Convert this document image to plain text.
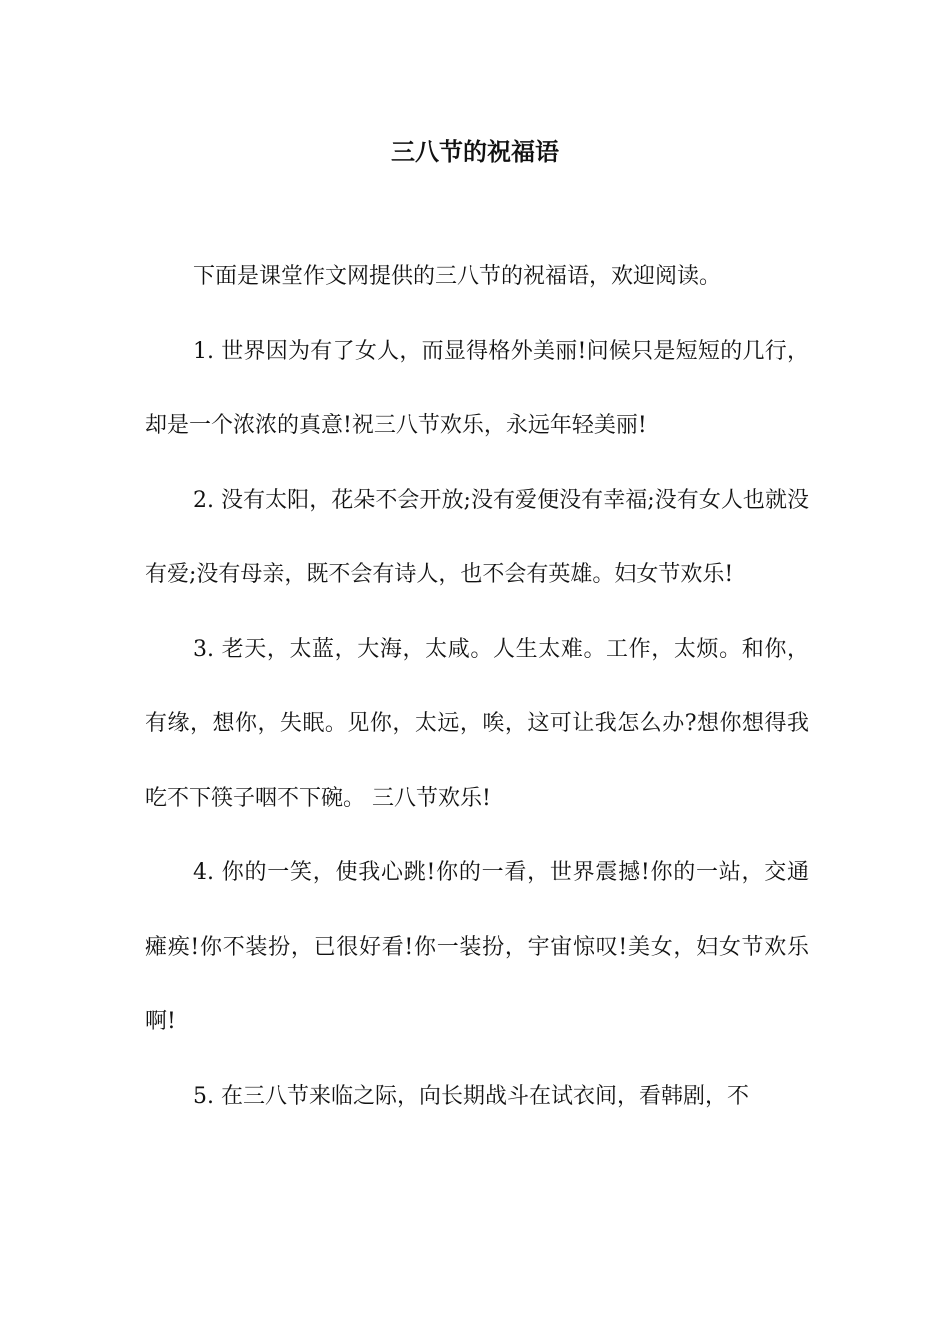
三八节的祝福语

下面是课堂作文网提供的三八节的祝福语，欢迎阅读。

1. 世界因为有了女人，而显得格外美丽!问候只是短短的几行，却是一个浓浓的真意!祝三八节欢乐，永远年轻美丽!

2. 没有太阳，花朵不会开放;没有爱便没有幸福;没有女人也就没有爱;没有母亲，既不会有诗人，也不会有英雄。妇女节欢乐!

3. 老天，太蓝，大海，太咸。人生太难。工作，太烦。和你，有缘，想你，失眠。见你，太远，唉，这可让我怎么办?想你想得我吃不下筷子咽不下碗。 三八节欢乐!

4. 你的一笑，使我心跳!你的一看，世界震撼!你的一站，交通瘫痪!你不装扮，已很好看!你一装扮，宇宙惊叹!美女，妇女节欢乐啊!

5. 在三八节来临之际，向长期战斗在试衣间，看韩剧，不
